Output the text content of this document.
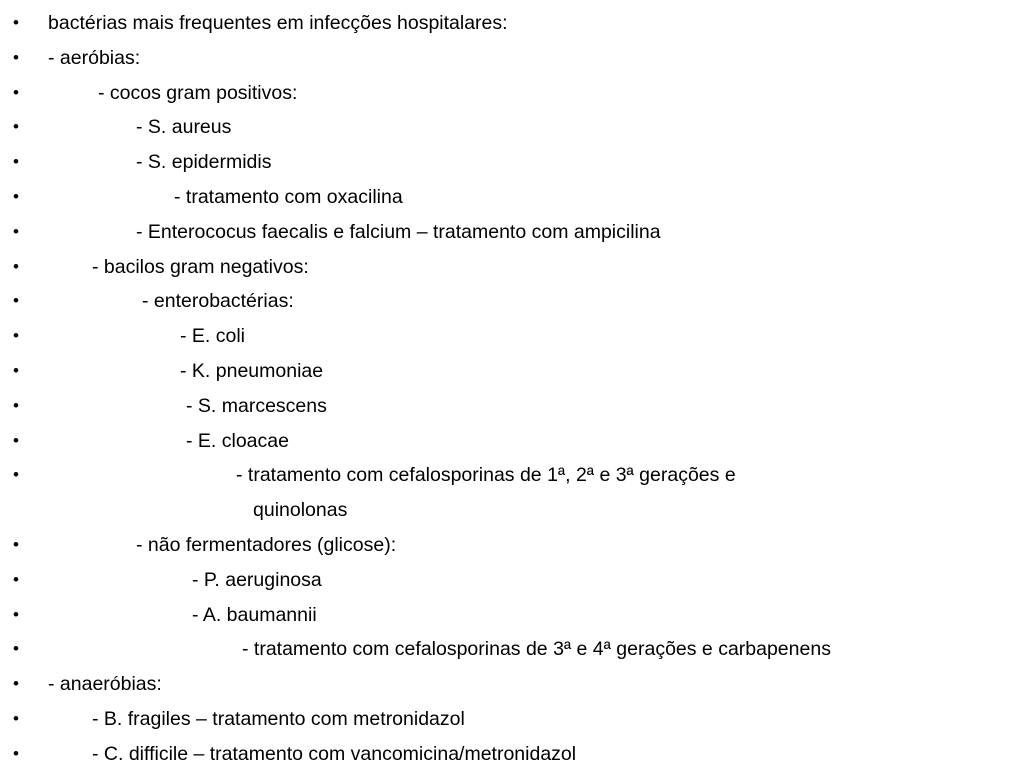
• bactérias mais frequentes em infecções hospitalares:
• - aeróbias:
•	- cocos gram positivos:
•	- S. aureus
•	- S. epidermidis
•	- tratamento com oxacilina
•	- Enterococus faecalis e falcium – tratamento com ampicilina
•	- bacilos gram negativos:
•	- enterobactérias:
•	- E. coli
•	- K. pneumoniae
•	- S. marcescens
•	- E. cloacae
•	- tratamento com cefalosporinas de 1ª, 2ª e 3ª gerações e
quinolonas
•	- não fermentadores (glicose):
•	- P. aeruginosa
•	- A. baumannii
•	- tratamento com cefalosporinas de 3ª e 4ª gerações e carbapenens
• - anaeróbias:
•	- B. fragiles – tratamento com metronidazol
•	- C. difficile – tratamento com vancomicina/metronidazol
